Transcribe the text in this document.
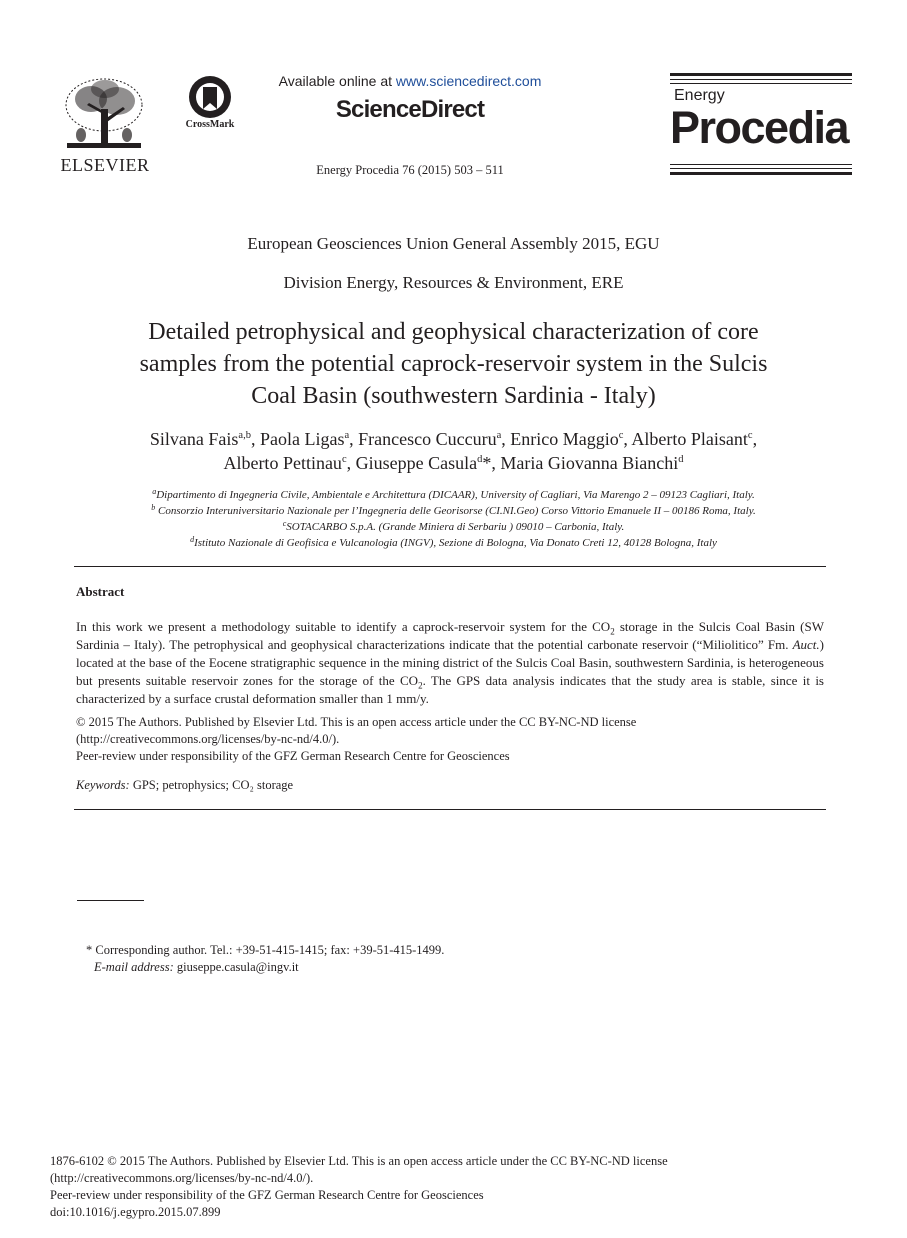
ELSEVIER
CrossMark
Available online at www.sciencedirect.com
ScienceDirect
Energy Procedia 76 (2015) 503 – 511
Energy
Procedia
European Geosciences Union General Assembly 2015, EGU
Division Energy, Resources & Environment, ERE
Detailed petrophysical and geophysical characterization of core
samples from the potential caprock-reservoir system in the Sulcis
Coal Basin (southwestern Sardinia - Italy)
Silvana Fais$^{a,b}$, Paola Ligas$^a$, Francesco Cuccuru$^a$, Enrico Maggio$^c$, Alberto Plaisant$^c$,
Alberto Pettinau$^c$, Giuseppe Casula$^d$*, Maria Giovanna Bianchi$^d$
$^a$Dipartimento di Ingegneria Civile, Ambientale e Architettura (DICAAR), University of Cagliari, Via Marengo 2 – 09123 Cagliari, Italy.
$^b$ Consorzio Interuniversitario Nazionale per l’Ingegneria delle Georisorse (CI.NI.Geo) Corso Vittorio Emanuele II – 00186 Roma, Italy.
$^c$SOTACARBO S.p.A. (Grande Miniera di Serbariu ) 09010 – Carbonia, Italy.
$^d$Istituto Nazionale di Geofisica e Vulcanologia (INGV), Sezione di Bologna, Via Donato Creti 12, 40128 Bologna, Italy
Abstract
In this work we present a methodology suitable to identify a caprock-reservoir system for the $CO_2$ storage in the Sulcis Coal Basin (SW Sardinia – Italy). The petrophysical and geophysical characterizations indicate that the potential carbonate reservoir (“Miliolitico” Fm. Auct.) located at the base of the Eocene stratigraphic sequence in the mining district of the Sulcis Coal Basin, southwestern Sardinia, is heterogeneous but presents suitable reservoir zones for the storage of the $CO_2$. The GPS data analysis indicates that the study area is stable, since it is characterized by a surface crustal deformation smaller than 1 mm/y.
© 2015 The Authors. Published by Elsevier Ltd. This is an open access article under the CC BY-NC-ND license
(http://creativecommons.org/licenses/by-nc-nd/4.0/).
Peer-review under responsibility of the GFZ German Research Centre for Geosciences
Keywords: GPS; petrophysics; CO₂ storage
* Corresponding author. Tel.: +39-51-415-1415; fax: +39-51-415-1499.
E-mail address: giuseppe.casula@ingv.it
1876-6102 © 2015 The Authors. Published by Elsevier Ltd. This is an open access article under the CC BY-NC-ND license
(http://creativecommons.org/licenses/by-nc-nd/4.0/).
Peer-review under responsibility of the GFZ German Research Centre for Geosciences
doi:10.1016/j.egypro.2015.07.899
